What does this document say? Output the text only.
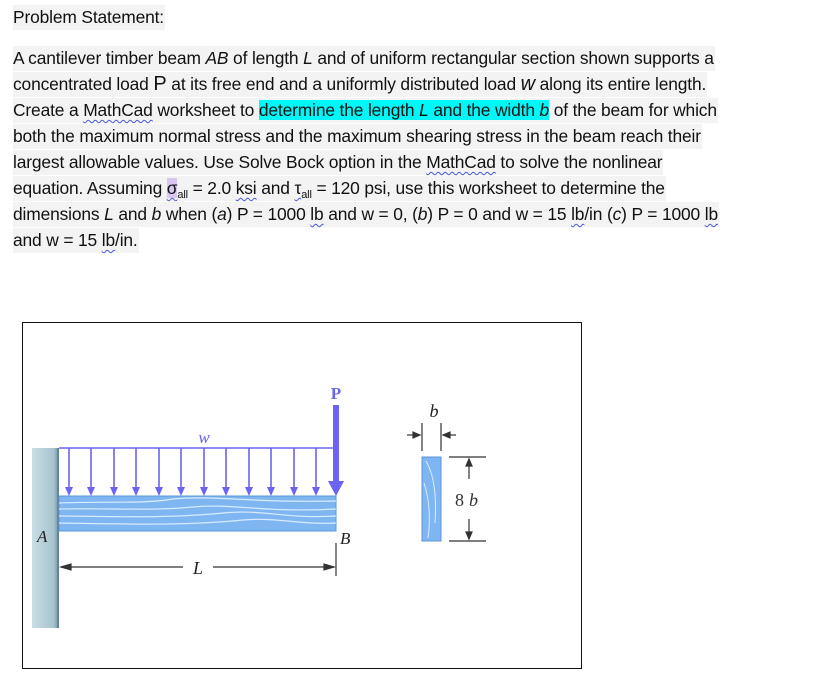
Problem Statement:
A cantilever timber beam AB of length L and of uniform rectangular section shown supports a
concentrated load P at its free end and a uniformly distributed load w along its entire length.
Create a MathCad worksheet to determine the length L and the width b of the beam for which
both the maximum normal stress and the maximum shearing stress in the beam reach their
largest allowable values. Use Solve Bock option in the MathCad to solve the nonlinear
equation. Assuming $\sigma_{all} = 2.0$ ksi and $\tau_{all} = 120$ psi, use this worksheet to determine the
dimensions L and b when (a) P = 1000 lb and w = 0, (b) P = 0 and w = 15 lb/in (c) P = 1000 lb
and w = 15 lb/in.
A	B
w
P
L
b
8 b
